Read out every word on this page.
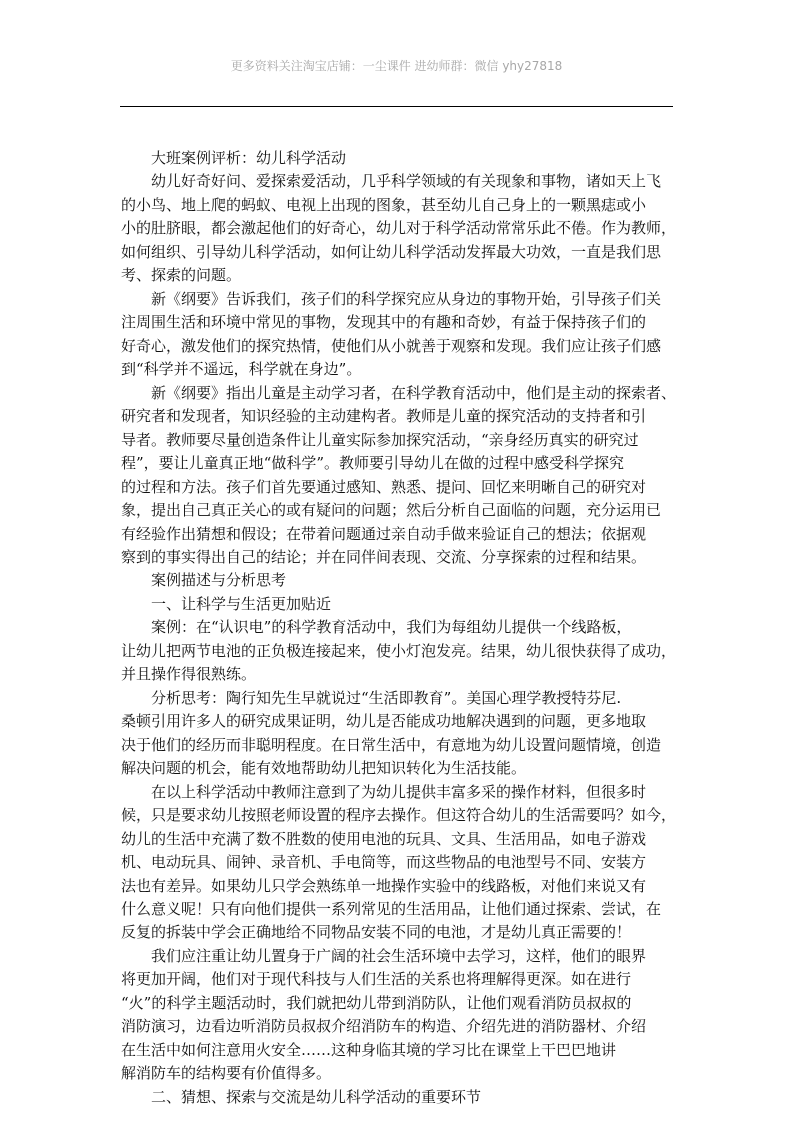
更多资料关注淘宝店铺：一尘课件 进幼师群：微信 yhy27818
大班案例评析：幼儿科学活动
幼儿好奇好问、爱探索爱活动，几乎科学领域的有关现象和事物，诸如天上飞
的小鸟、地上爬的蚂蚁、电视上出现的图象，甚至幼儿自己身上的一颗黑痣或小
小的肚脐眼，都会激起他们的好奇心，幼儿对于科学活动常常乐此不倦。作为教师，
如何组织、引导幼儿科学活动，如何让幼儿科学活动发挥最大功效，一直是我们思
考、探索的问题。
新《纲要》告诉我们，孩子们的科学探究应从身边的事物开始，引导孩子们关
注周围生活和环境中常见的事物，发现其中的有趣和奇妙，有益于保持孩子们的
好奇心，激发他们的探究热情，使他们从小就善于观察和发现。我们应让孩子们感
到“科学并不遥远，科学就在身边”。
新《纲要》指出儿童是主动学习者，在科学教育活动中，他们是主动的探索者、
研究者和发现者，知识经验的主动建构者。教师是儿童的探究活动的支持者和引
导者。教师要尽量创造条件让儿童实际参加探究活动，“亲身经历真实的研究过
程”，要让儿童真正地“做科学”。教师要引导幼儿在做的过程中感受科学探究
的过程和方法。孩子们首先要通过感知、熟悉、提问、回忆来明晰自己的研究对
象，提出自己真正关心的或有疑问的问题；然后分析自己面临的问题，充分运用已
有经验作出猜想和假设；在带着问题通过亲自动手做来验证自己的想法；依据观
察到的事实得出自己的结论；并在同伴间表现、交流、分享探索的过程和结果。
案例描述与分析思考
一、让科学与生活更加贴近
案例：在“认识电”的科学教育活动中，我们为每组幼儿提供一个线路板，
让幼儿把两节电池的正负极连接起来，使小灯泡发亮。结果，幼儿很快获得了成功，
并且操作得很熟练。
分析思考：陶行知先生早就说过“生活即教育”。美国心理学教授特芬尼.
桑顿引用许多人的研究成果证明，幼儿是否能成功地解决遇到的问题，更多地取
决于他们的经历而非聪明程度。在日常生活中，有意地为幼儿设置问题情境，创造
解决问题的机会，能有效地帮助幼儿把知识转化为生活技能。
在以上科学活动中教师注意到了为幼儿提供丰富多采的操作材料，但很多时
候，只是要求幼儿按照老师设置的程序去操作。但这符合幼儿的生活需要吗？如今，
幼儿的生活中充满了数不胜数的使用电池的玩具、文具、生活用品，如电子游戏
机、电动玩具、闹钟、录音机、手电筒等，而这些物品的电池型号不同、安装方
法也有差异。如果幼儿只学会熟练单一地操作实验中的线路板，对他们来说又有
什么意义呢！只有向他们提供一系列常见的生活用品，让他们通过探索、尝试，在
反复的拆装中学会正确地给不同物品安装不同的电池，才是幼儿真正需要的！
我们应注重让幼儿置身于广阔的社会生活环境中去学习，这样，他们的眼界
将更加开阔，他们对于现代科技与人们生活的关系也将理解得更深。如在进行
“火”的科学主题活动时，我们就把幼儿带到消防队，让他们观看消防员叔叔的
消防演习，边看边听消防员叔叔介绍消防车的构造、介绍先进的消防器材、介绍
在生活中如何注意用火安全……这种身临其境的学习比在课堂上干巴巴地讲
解消防车的结构要有价值得多。
二、猜想、探索与交流是幼儿科学活动的重要环节
